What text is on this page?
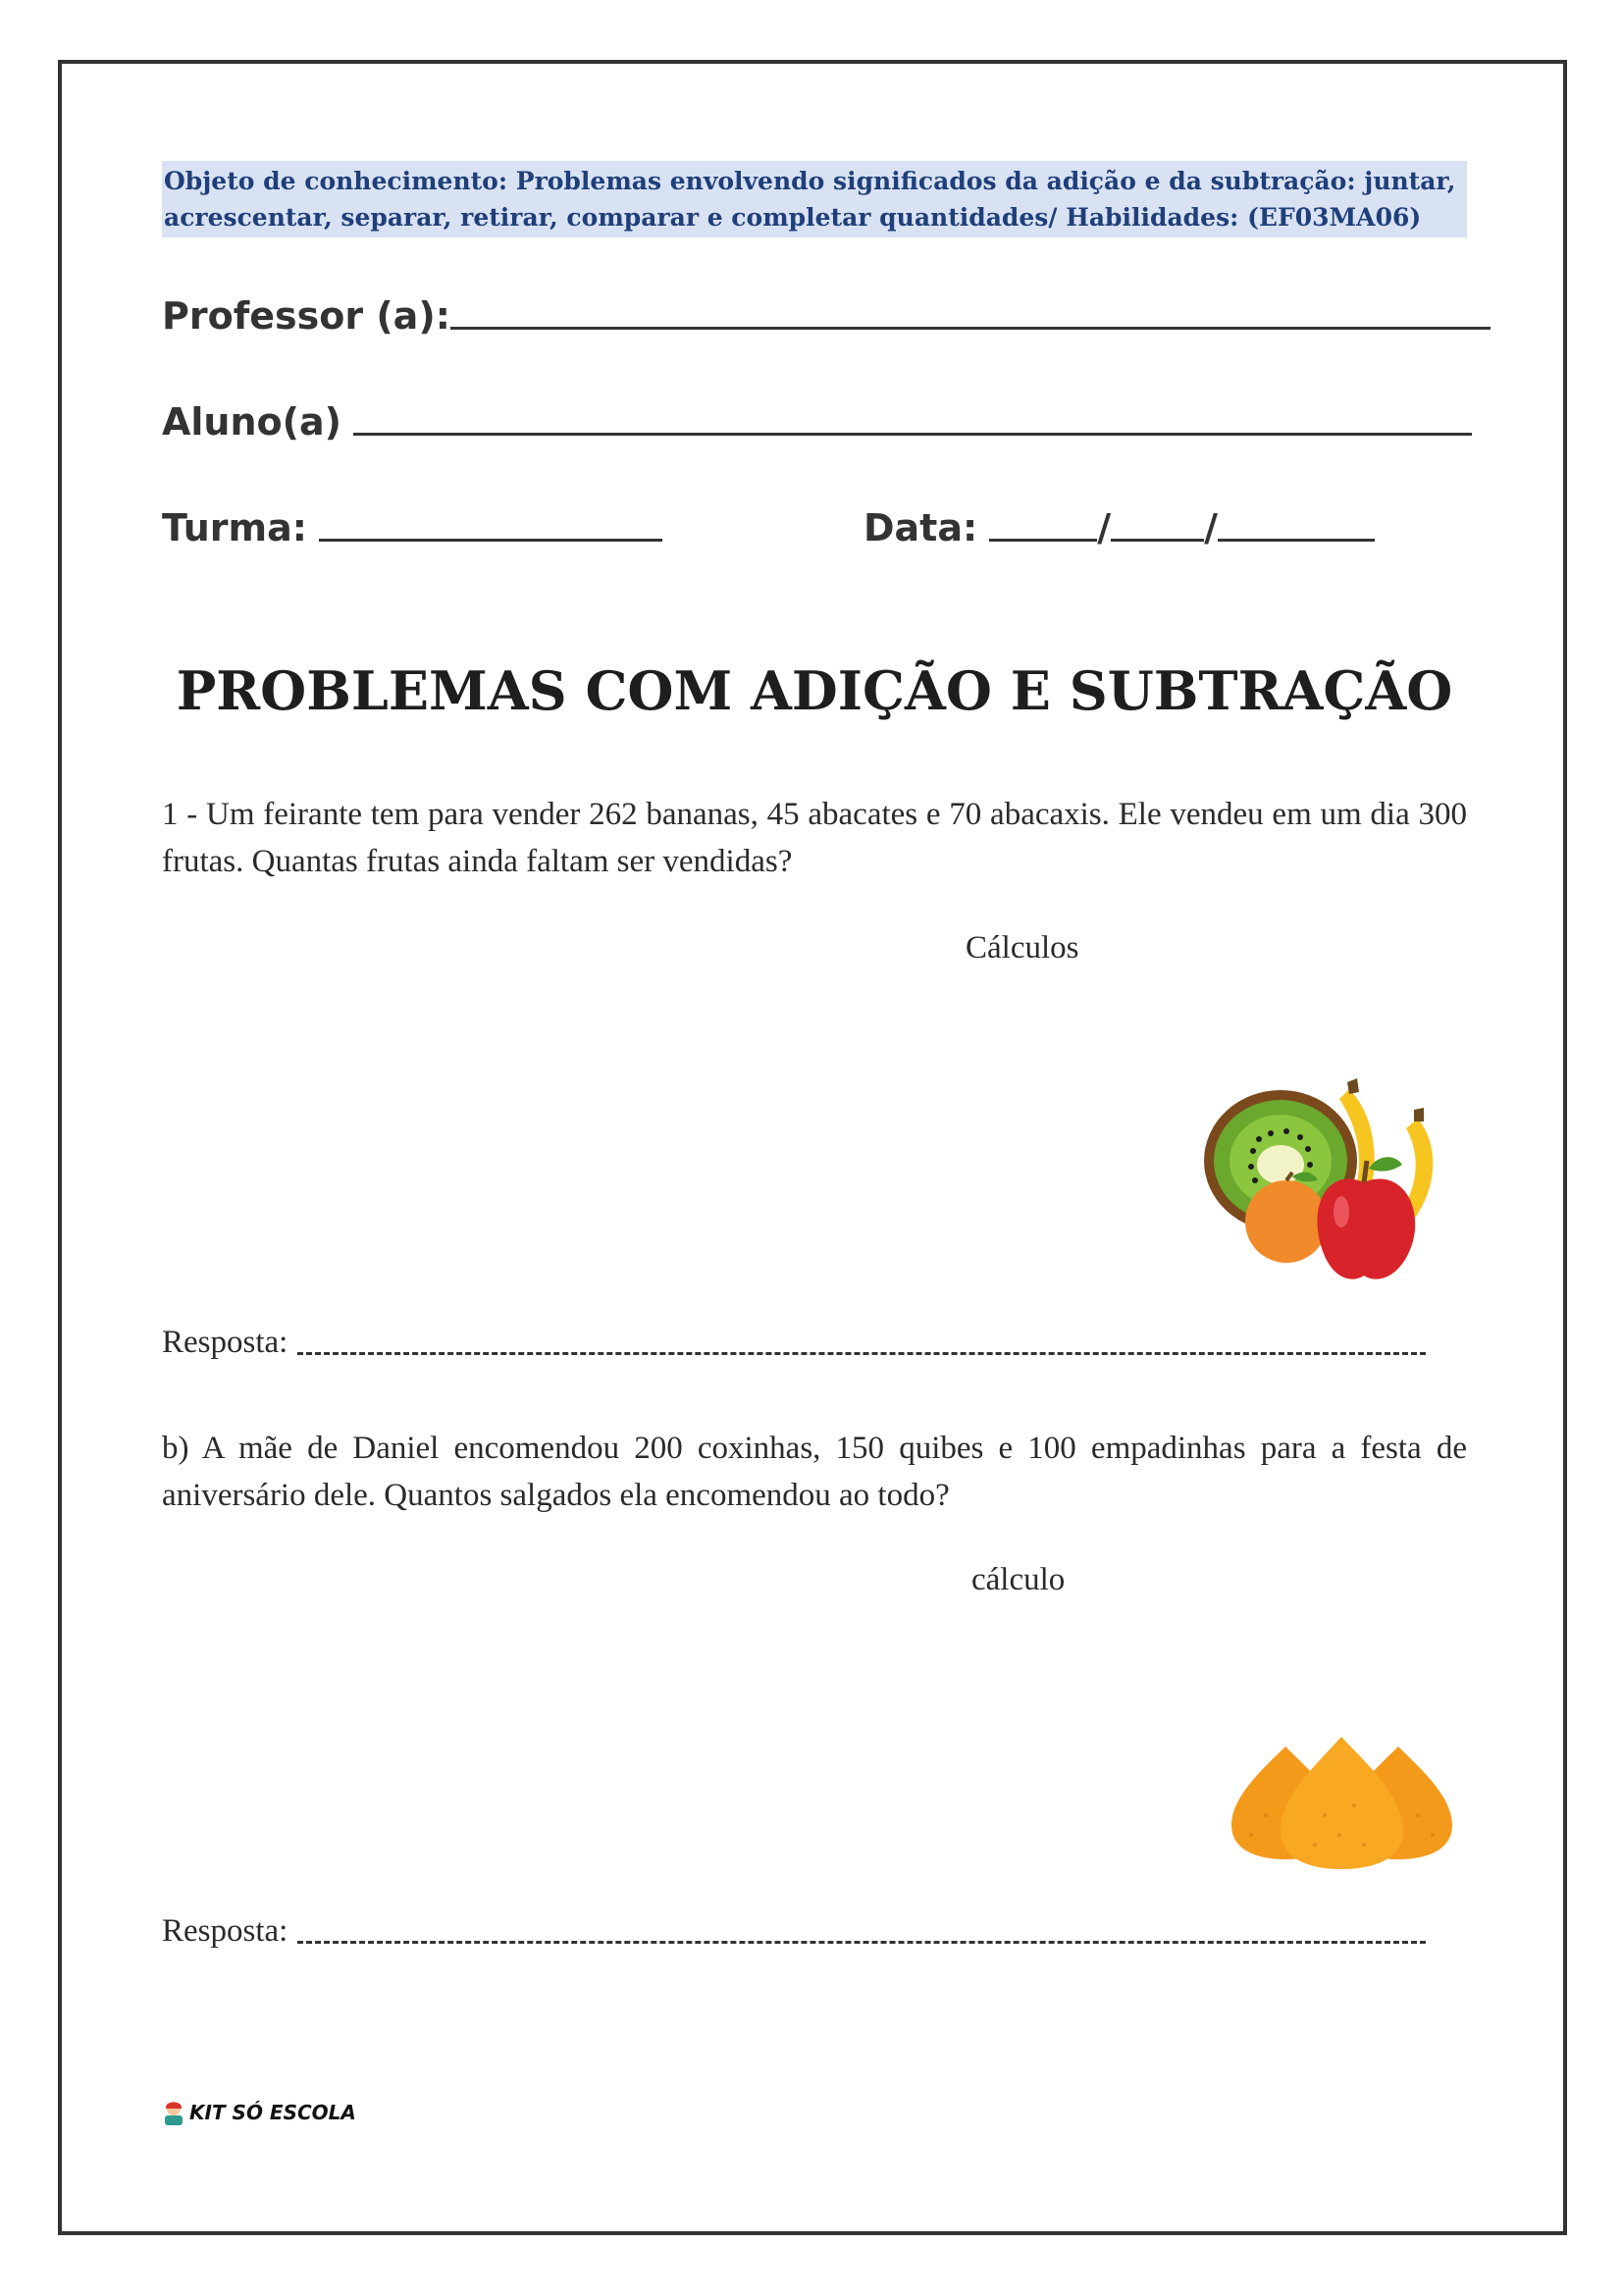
Objeto de conhecimento: Problemas envolvendo significados da adição e da subtração: juntar, acrescentar, separar, retirar, comparar e completar quantidades/ Habilidades: (EF03MA06)
Professor (a):
Aluno(a)
Turma:	Data:	/	/
PROBLEMAS COM ADIÇÃO E SUBTRAÇÃO
1 - Um feirante tem para vender 262 bananas, 45 abacates e 70 abacaxis. Ele vendeu em um dia 300 frutas. Quantas frutas ainda faltam ser vendidas?
Cálculos
Resposta:
b) A mãe de Daniel encomendou 200 coxinhas, 150 quibes e 100 empadinhas para a festa de aniversário dele. Quantos salgados ela encomendou ao todo?
cálculo
Resposta:
KIT SÓ ESCOLA
